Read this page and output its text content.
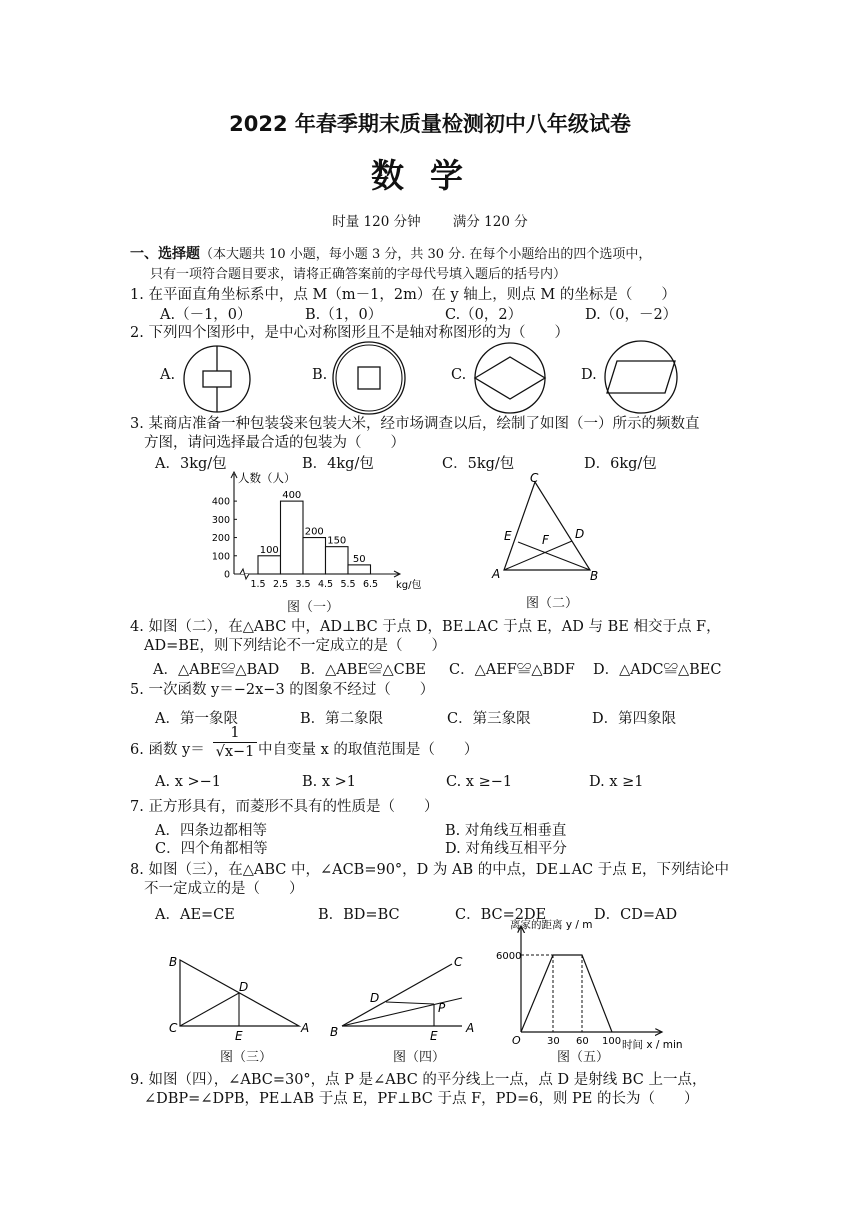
2022 年春季期末质量检测初中八年级试卷
数学
时量 120 分钟 满分 120 分
一、选择题（本大题共 10 小题，每小题 3 分，共 30 分. 在每个小题给出的四个选项中，
只有一项符合题目要求，请将正确答案前的字母代号填入题后的括号内）
1. 在平面直角坐标系中，点 M（m－1，2m）在 y 轴上，则点 M 的坐标是（　　）
A.（－1，0）	B.（1，0）	C.（0，2）	D.（0，－2）
2. 下列四个图形中，是中心对称图形且不是轴对称图形的为（　　）
A.	B.	C.	D.
3. 某商店准备一种包装袋来包装大米，经市场调查以后，绘制了如图（一）所示的频数直
方图，请问选择最合适的包装为（　　）
A．3kg/包	B．4kg/包	C．5kg/包	D．6kg/包
人数（人）
kg/包
0
100
200
300
400
100
400
200
150
50
1.5 2.5 3.5 4.5 5.5 6.5
图（一）
C
E	F D
A	B
图（二）
4. 如图（二），在△ABC 中，AD⊥BC 于点 D，BE⊥AC 于点 E，AD 与 BE 相交于点 F，
AD=BE，则下列结论不一定成立的是（　　）
A．△ABE≌△BAD B．△ABE≌△CBE C．△AEF≌△BDF D．△ADC≌△BEC
5. 一次函数 y＝−2x−3 的图象不经过（　　）
A．第一象限	B．第二象限	C．第三象限	D．第四象限
6. 函数 $y= \frac{1}{√x-1}$ 中自变量 x 的取值范围是（　　）
A. x >−1	B. x >1	C. x ≥−1	D. x ≥1
7. 正方形具有，而菱形不具有的性质是（　　）
A．四条边都相等	B. 对角线互相垂直
C．四个角都相等	D. 对角线互相平分
8. 如图（三），在△ABC 中，∠ACB=90°，D 为 AB 的中点，DE⊥AC 于点 E，下列结论中
不一定成立的是（　　）
A．AE=CE	B．BD=BC	C．BC=2DE	D．CD=AD
B
C
D
E
A
图（三）
C
D
P
B	E
A
图（四）
离家的距离 y / m
6000
O	30 60 100 时间 x / min
图（五）
9. 如图（四），∠ABC=30°，点 P 是∠ABC 的平分线上一点，点 D 是射线 BC 上一点，
∠DBP=∠DPB，PE⊥AB 于点 E，PF⊥BC 于点 F，PD=6，则 PE 的长为（　　）
